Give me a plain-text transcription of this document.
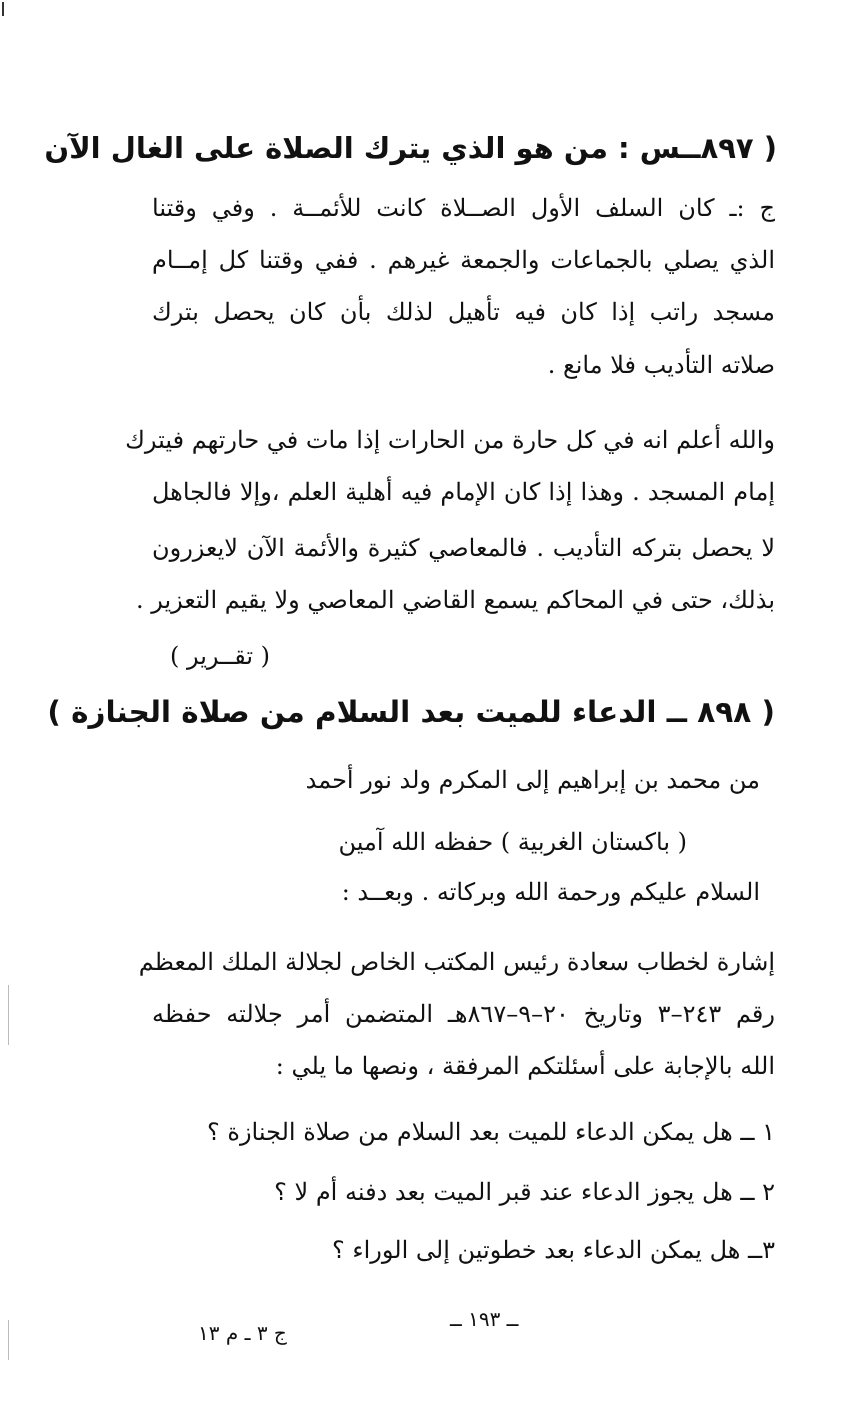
( ٨٩٧ــس : من هو الذي يترك الصلاة على الغال الآن
ج :ـ كان السلف الأول الصــلاة كانت للأئمــة . وفي وقتنا
الذي يصلي بالجماعات والجمعة غيرهم . ففي وقتنا كل إمــام
مسجد راتب إذا كان فيه تأهيل لذلك بأن كان يحصل بترك
صلاته التأديب فلا مانع .
والله أعلم انه في كل حارة من الحارات إذا مات في حارتهم فيترك
إمام المسجد . وهذا إذا كان الإمام فيه أهلية العلم ،وإلا فالجاهل
لا يحصل بتركه التأديب . فالمعاصي كثيرة والأئمة الآن لايعزرون
بذلك، حتى في المحاكم يسمع القاضي المعاصي ولا يقيم التعزير .
( تقــرير )
( ٨٩٨ ــ الدعاء للميت بعد السلام من صلاة الجنازة )
من محمد بن إبراهيم إلى المكرم ولد نور أحمد
( باكستان الغربية ) حفظه الله آمين
السلام عليكم ورحمة الله وبركاته . وبعــد :
إشارة لخطاب سعادة رئيس المكتب الخاص لجلالة الملك المعظم
رقم ٢٤٣–٣ وتاريخ ٢٠–٩–٨٦٧هـ المتضمن أمر جلالته حفظه
الله بالإجابة على أسئلتكم المرفقة ، ونصها ما يلي :
١ ــ هل يمكن الدعاء للميت بعد السلام من صلاة الجنازة ؟
٢ ــ هل يجوز الدعاء عند قبر الميت بعد دفنه أم لا ؟
٣ــ هل يمكن الدعاء بعد خطوتين إلى الوراء ؟
ــ ١٩٣ ــ
ج ٣ ـ م ١٣
